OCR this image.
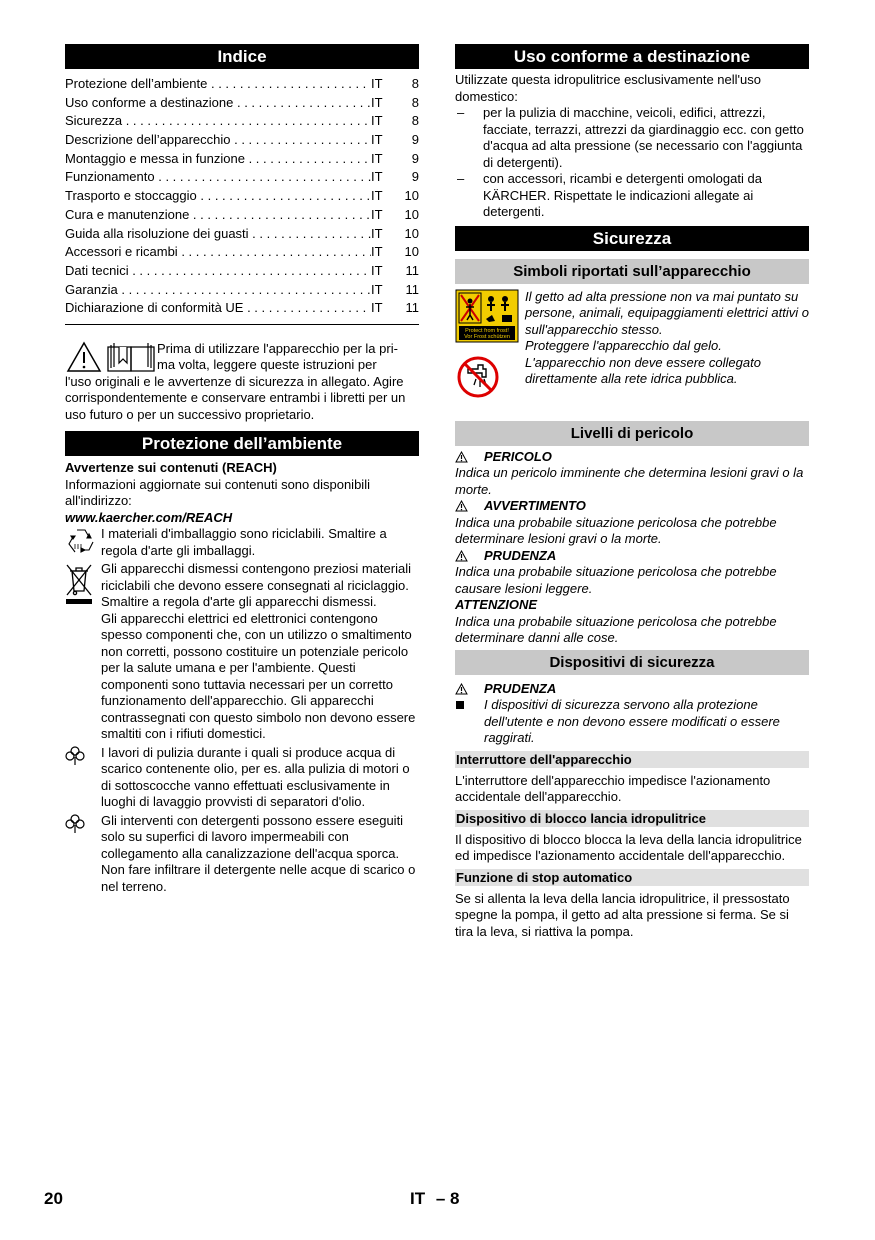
Indice
Protezione dell’ambiente . . .	IT	8
Uso conforme a destinazione . . .	IT	8
Sicurezza . . .	IT	8
Descrizione dell’apparecchio . . .	IT	9
Montaggio e messa in funzione . . .	IT	9
Funzionamento . . .	IT	9
Trasporto e stoccaggio . . .	IT	10
Cura e manutenzione . . .	IT	10
Guida alla risoluzione dei guasti . . .	IT	10
Accessori e ricambi . . .	IT	10
Dati tecnici . . .	IT	11
Garanzia . . .	IT	11
Dichiarazione di conformità UE . . .	IT	11
Prima di utilizzare l'apparecchio per la pri-
ma volta, leggere queste istruzioni per
l'uso originali e le avvertenze di sicurezza in allegato. Agire corrispondentemente e conservare entrambi i libretti per un uso futuro o per un successivo proprietario.
Protezione dell’ambiente
Avvertenze sui contenuti (REACH)
Informazioni aggiornate sui contenuti sono disponibili all'indirizzo:
www.kaercher.com/REACH
I materiali d'imballaggio sono riciclabili. Smaltire a regola d'arte gli imballaggi.
Gli apparecchi dismessi contengono preziosi materiali riciclabili che devono essere consegnati al riciclaggio. Smaltire a regola d'arte gli apparecchi dismessi.
Gli apparecchi elettrici ed elettronici contengono spesso componenti che, con un utilizzo o smaltimento non corretti, possono costituire un potenziale pericolo per la salute umana e per l'ambiente. Questi componenti sono tuttavia necessari per un corretto funzionamento dell'apparecchio. Gli apparecchi contrassegnati con questo simbolo non devono essere smaltiti con i rifiuti domestici.
I lavori di pulizia durante i quali si produce acqua di scarico contenente olio, per es. alla pulizia di motori o di sottoscocche vanno effettuati esclusivamente in luoghi di lavaggio provvisti di separatori d'olio.
Gli interventi con detergenti possono essere eseguiti solo su superfici di lavoro impermeabili con collegamento alla canalizzazione dell'acqua sporca. Non fare infiltrare il detergente nelle acque di scarico o nel terreno.
Uso conforme a destinazione
Utilizzate questa idropulitrice esclusivamente nell'uso domestico:
–	per la pulizia di macchine, veicoli, edifici, attrezzi, facciate, terrazzi, attrezzi da giardinaggio ecc. con getto d'acqua ad alta pressione (se necessario con l'aggiunta di detergenti).
–	con accessori, ricambi e detergenti omologati da KÄRCHER. Rispettate le indicazioni allegate ai detergenti.
Sicurezza
Simboli riportati sull’apparecchio
Protect from frost!
Vor Frost schützen
Il getto ad alta pressione non va mai puntato su persone, animali, equipaggiamenti elettrici attivi o sull'apparecchio stesso.
Proteggere l'apparecchio dal gelo.
L'apparecchio non deve essere collegato direttamente alla rete idrica pubblica.
Livelli di pericolo
PERICOLO
Indica un pericolo imminente che determina lesioni gravi o la morte.
AVVERTIMENTO
Indica una probabile situazione pericolosa che potrebbe determinare lesioni gravi o la morte.
PRUDENZA
Indica una probabile situazione pericolosa che potrebbe causare lesioni leggere.
ATTENZIONE
Indica una probabile situazione pericolosa che potrebbe determinare danni alle cose.
Dispositivi di sicurezza
PRUDENZA
I dispositivi di sicurezza servono alla protezione dell'utente e non devono essere modificati o essere raggirati.
Interruttore dell'apparecchio
L'interruttore dell'apparecchio impedisce l'azionamento accidentale dell'apparecchio.
Dispositivo di blocco lancia idropulitrice
Il dispositivo di blocco blocca la leva della lancia idropulitrice ed impedisce l'azionamento accidentale dell'apparecchio.
Funzione di stop automatico
Se si allenta la leva della lancia idropulitrice, il pressostato spegne la pompa, il getto ad alta pressione si ferma. Se si tira la leva, si riattiva la pompa.
20	IT – 8
